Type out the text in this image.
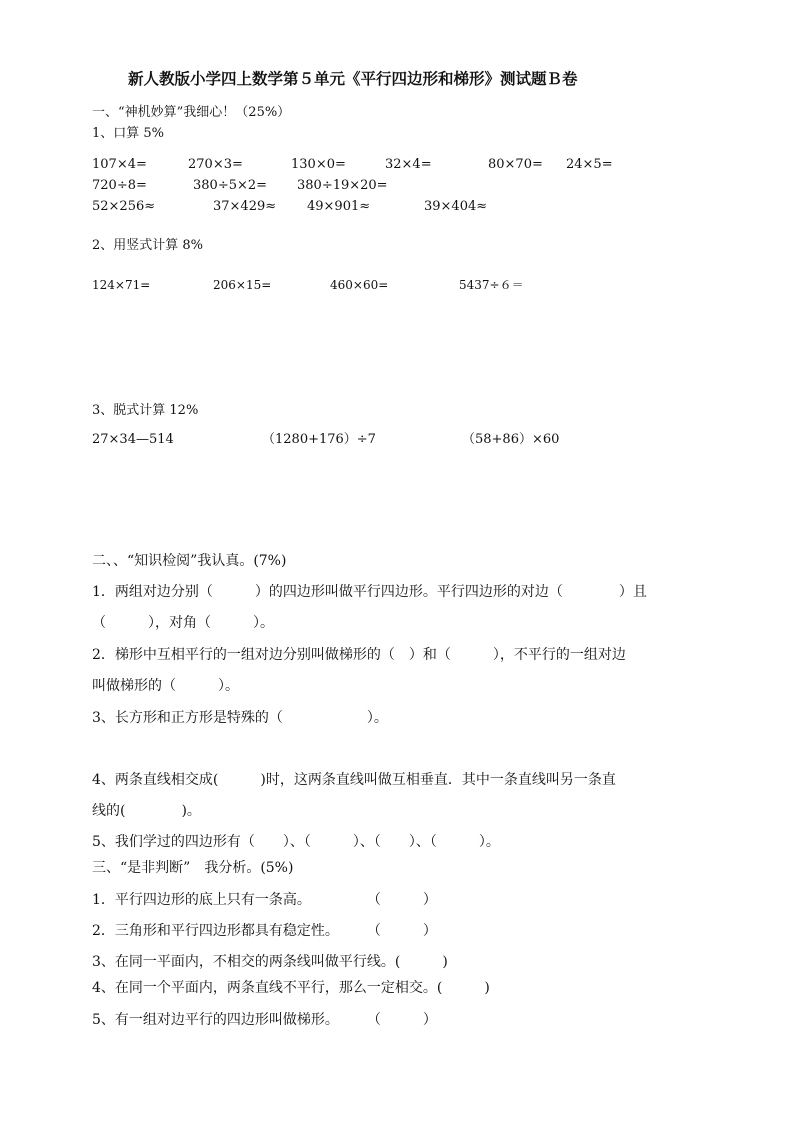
新人教版小学四上数学第５单元《平行四边形和梯形》测试题Ｂ卷
一、“神机妙算”我细心！（25%）
1、口算 5%
107×4=	270×3=	130×0=	32×4=	80×70= 24×5=
720÷8=	380÷5×2= 380÷19×20=
52×256≈	37×429≈ 49×901≈	39×404≈
2、用竖式计算 8%
124×71=	206×15=	460×60=	5437÷６＝
3、脱式计算 12%
27×34—514	（1280+176）÷7	（58+86）×60
二、、“知识检阅”我认真。(7%)
1．两组对边分别（　　　）的四边形叫做平行四边形。平行四边形的对边（　　　　）且
（　　　），对角（　　　）。
2．梯形中互相平行的一组对边分别叫做梯形的（　）和（　　　），不平行的一组对边
叫做梯形的（　　　）。
3、长方形和正方形是特殊的（　　　　　　）。
4、两条直线相交成(　　　)时，这两条直线叫做互相垂直．其中一条直线叫另一条直
线的(　　　　)。
5、我们学过的四边形有（　　）、（　　　）、（　　）、（　　　）。
三、“是非判断”　我分析。(5%)
1．平行四边形的底上只有一条高。　　　　　（　　　）
2．三角形和平行四边形都具有稳定性。　　　（　　　）
3、在同一平面内，不相交的两条线叫做平行线。(　　　)
4、在同一个平面内，两条直线不平行，那么一定相交。(　　　)
5、有一组对边平行的四边形叫做梯形。　　　（　　　）
